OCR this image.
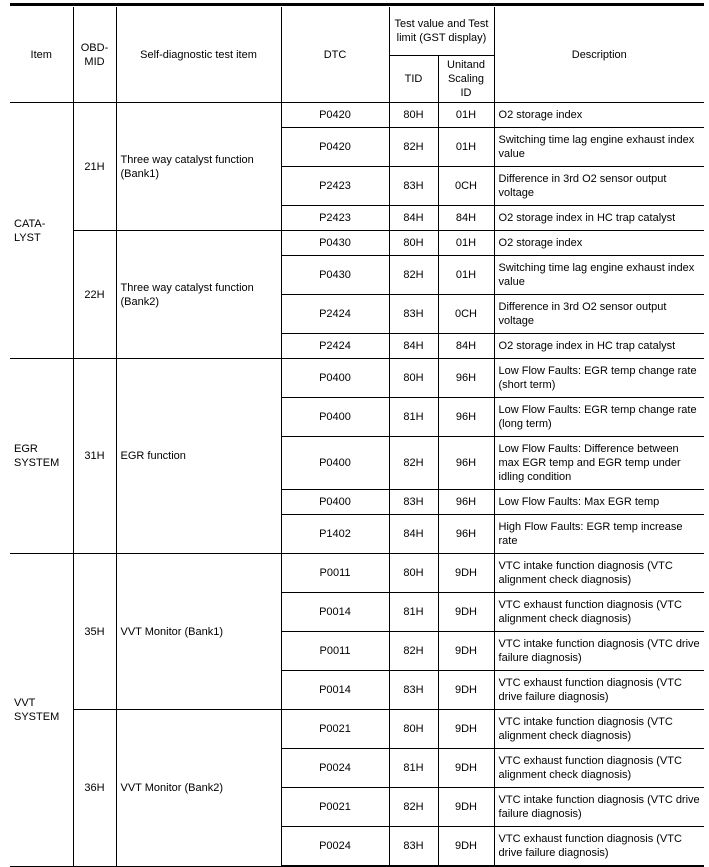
Item	OBD-MID	Self-diagnostic test item	DTC	Test value and Test limit (GST display)		Description
				TID	Unitand Scaling ID	
CATA-LYST	21H	Three way catalyst function (Bank1)	P0420	80H	01H	O2 storage index
			P0420	82H	01H	Switching time lag engine exhaust index value
			P2423	83H	0CH	Difference in 3rd O2 sensor output voltage
			P2423	84H	84H	O2 storage index in HC trap catalyst
	22H	Three way catalyst function (Bank2)	P0430	80H	01H	O2 storage index
			P0430	82H	01H	Switching time lag engine exhaust index value
			P2424	83H	0CH	Difference in 3rd O2 sensor output voltage
			P2424	84H	84H	O2 storage index in HC trap catalyst
EGR SYSTEM	31H	EGR function	P0400	80H	96H	Low Flow Faults: EGR temp change rate (short term)
			P0400	81H	96H	Low Flow Faults: EGR temp change rate (long term)
			P0400	82H	96H	Low Flow Faults: Difference between max EGR temp and EGR temp under idling condition
			P0400	83H	96H	Low Flow Faults: Max EGR temp
			P1402	84H	96H	High Flow Faults: EGR temp increase rate
VVT SYSTEM	35H	VVT Monitor (Bank1)	P0011	80H	9DH	VTC intake function diagnosis (VTC alignment check diagnosis)
			P0014	81H	9DH	VTC exhaust function diagnosis (VTC alignment check diagnosis)
			P0011	82H	9DH	VTC intake function diagnosis (VTC drive failure diagnosis)
			P0014	83H	9DH	VTC exhaust function diagnosis (VTC drive failure diagnosis)
	36H	VVT Monitor (Bank2)	P0021	80H	9DH	VTC intake function diagnosis (VTC alignment check diagnosis)
			P0024	81H	9DH	VTC exhaust function diagnosis (VTC alignment check diagnosis)
			P0021	82H	9DH	VTC intake function diagnosis (VTC drive failure diagnosis)
			P0024	83H	9DH	VTC exhaust function diagnosis (VTC drive failure diagnosis)
